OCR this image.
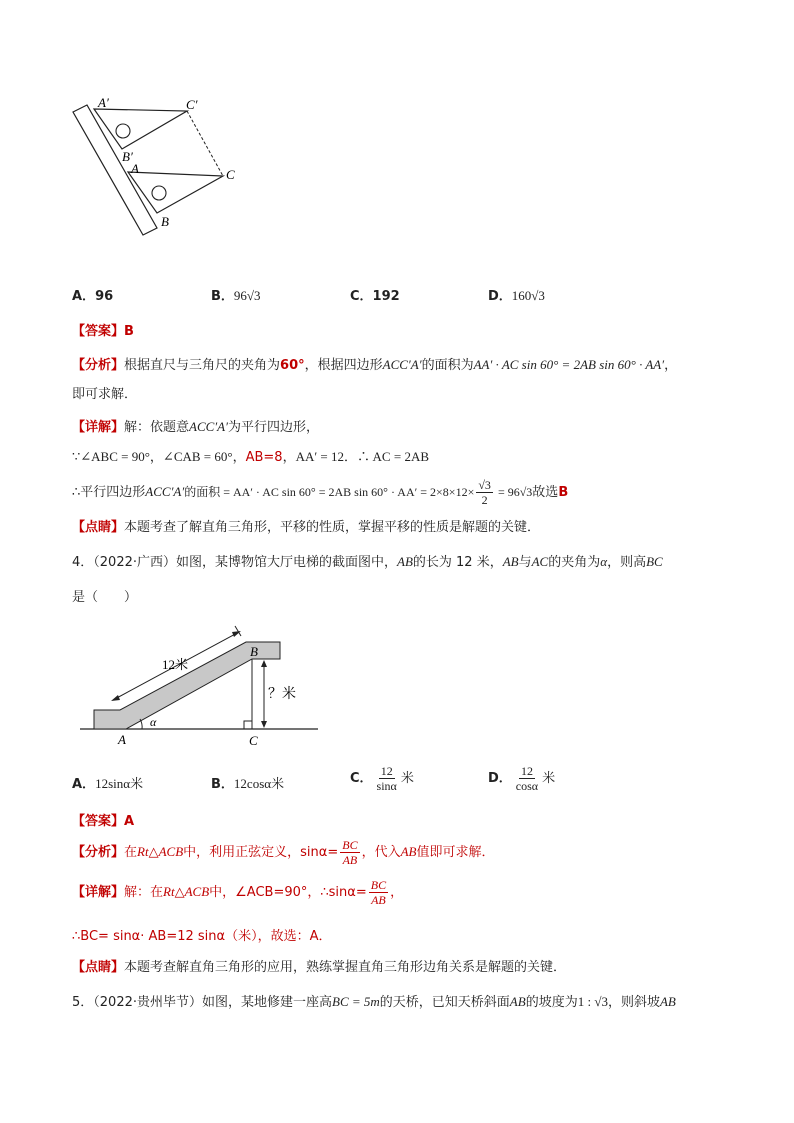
A′	C′
B′
A	C
B
A．96	B．96√3	C．192	D．160√3
【答案】B
【分析】根据直尺与三角尺的夹角为60°，根据四边形ACC′A′的面积为AA′ · AC sin 60° = 2AB sin 60° · AA′，
即可求解．
【详解】解：依题意ACC′A′为平行四边形，
∵∠ABC = 90°，∠CAB = 60°，AB=8，AA′ = 12．∴ AC = 2AB
∴平行四边形ACC′A′的面积 = AA′ · AC sin 60° = 2AB $\sin 60^\circ \cdot AA' = 2\times 8\times 12\times \frac{√3}{2} = 96√3$故选B
【点睛】本题考查了解直角三角形，平移的性质，掌握平移的性质是解题的关键．
4．（2022·广西）如图，某博物馆大厅电梯的截面图中，AB的长为 12 米，AB与AC的夹角为α，则高BC
是（　　）
12米
？米
α
A
B
C
A．12sinα米	B．12cosα米	C． $\frac{12}{\sin\alpha}$ 米	D． $\frac{12}{\cos\alpha}$ 米
【答案】A
【分析】在Rt△ACB中，利用正弦定义，$\sin\alpha= \frac{BC}{AB}$ ，代入AB值即可求解．
【详解】解：在Rt△ACB中，∠ACB=90°，∴sinα= $\frac{BC}{AB}$ ，
∴BC= sinα· AB=12 sinα（米），故选：A．
【点睛】本题考查解直角三角形的应用，熟练掌握直角三角形边角关系是解题的关键．
5．（2022·贵州毕节）如图，某地修建一座高BC = 5m的天桥，已知天桥斜面AB的坡度为1 : √3，则斜坡AB
